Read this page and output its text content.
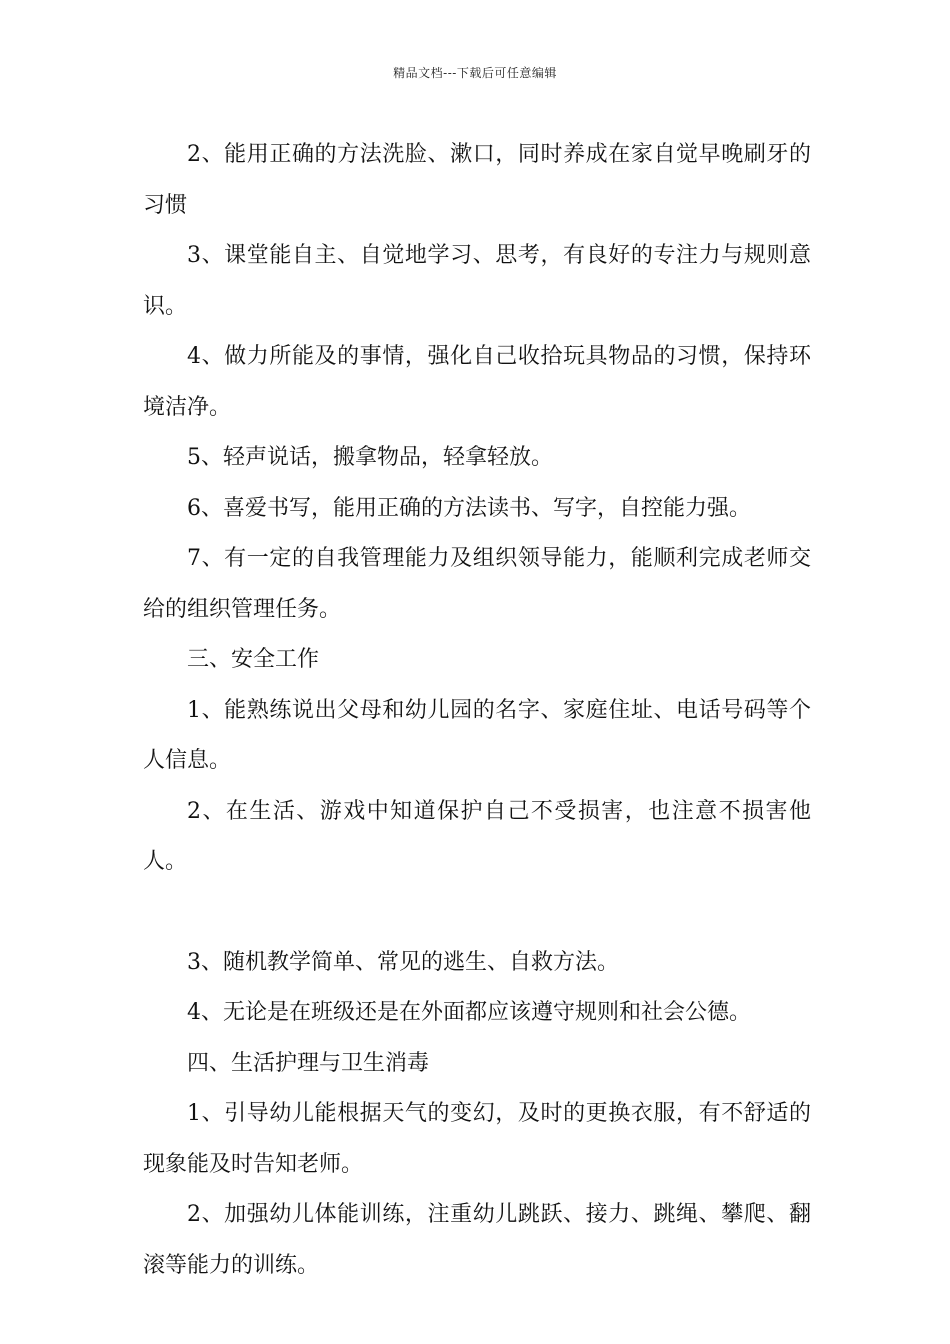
精品文档---下载后可任意编辑

2、能用正确的方法洗脸、漱口，同时养成在家自觉早晚刷牙的习惯

3、课堂能自主、自觉地学习、思考，有良好的专注力与规则意识。

4、做力所能及的事情，强化自己收拾玩具物品的习惯，保持环境洁净。

5、轻声说话，搬拿物品，轻拿轻放。

6、喜爱书写，能用正确的方法读书、写字，自控能力强。

7、有一定的自我管理能力及组织领导能力，能顺利完成老师交给的组织管理任务。

三、安全工作

1、能熟练说出父母和幼儿园的名字、家庭住址、电话号码等个人信息。

2、在生活、游戏中知道保护自己不受损害，也注意不损害他人。

3、随机教学简单、常见的逃生、自救方法。

4、无论是在班级还是在外面都应该遵守规则和社会公德。

四、生活护理与卫生消毒

1、引导幼儿能根据天气的变幻，及时的更换衣服，有不舒适的现象能及时告知老师。

2、加强幼儿体能训练，注重幼儿跳跃、接力、跳绳、攀爬、翻滚等能力的训练。
